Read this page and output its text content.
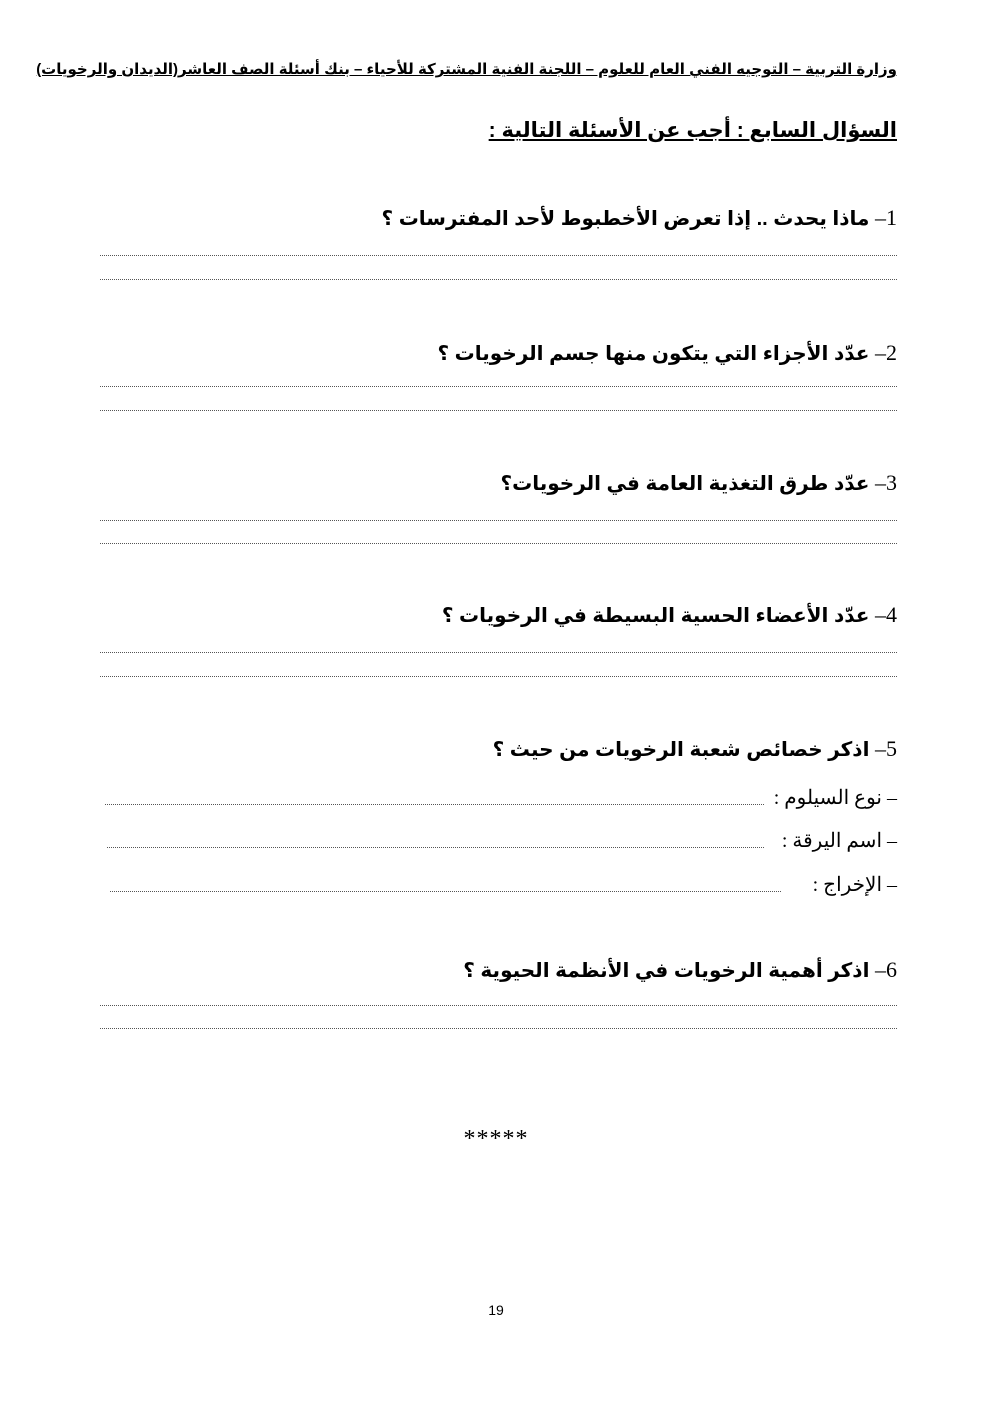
وزارة التربية – التوجيه الفني العام للعلوم – اللجنة الفنية المشتركة للأحياء – بنك أسئلة الصف العاشر(الديدان والرخويات)
السؤال السابع : أجب عن الأسئلة التالية :
1– ماذا يحدث .. إذا تعرض الأخطبوط لأحد المفترسات ؟
2– عدّد الأجزاء التي يتكون منها جسم الرخويات ؟
3– عدّد طرق التغذية العامة في الرخويات؟
4– عدّد الأعضاء الحسية البسيطة في الرخويات ؟
5– اذكر خصائص شعبة الرخويات من حيث ؟
– نوع السيلوم :
– اسم اليرقة :
– الإخراج :
6– اذكر أهمية الرخويات في الأنظمة الحيوية ؟
*****
19
